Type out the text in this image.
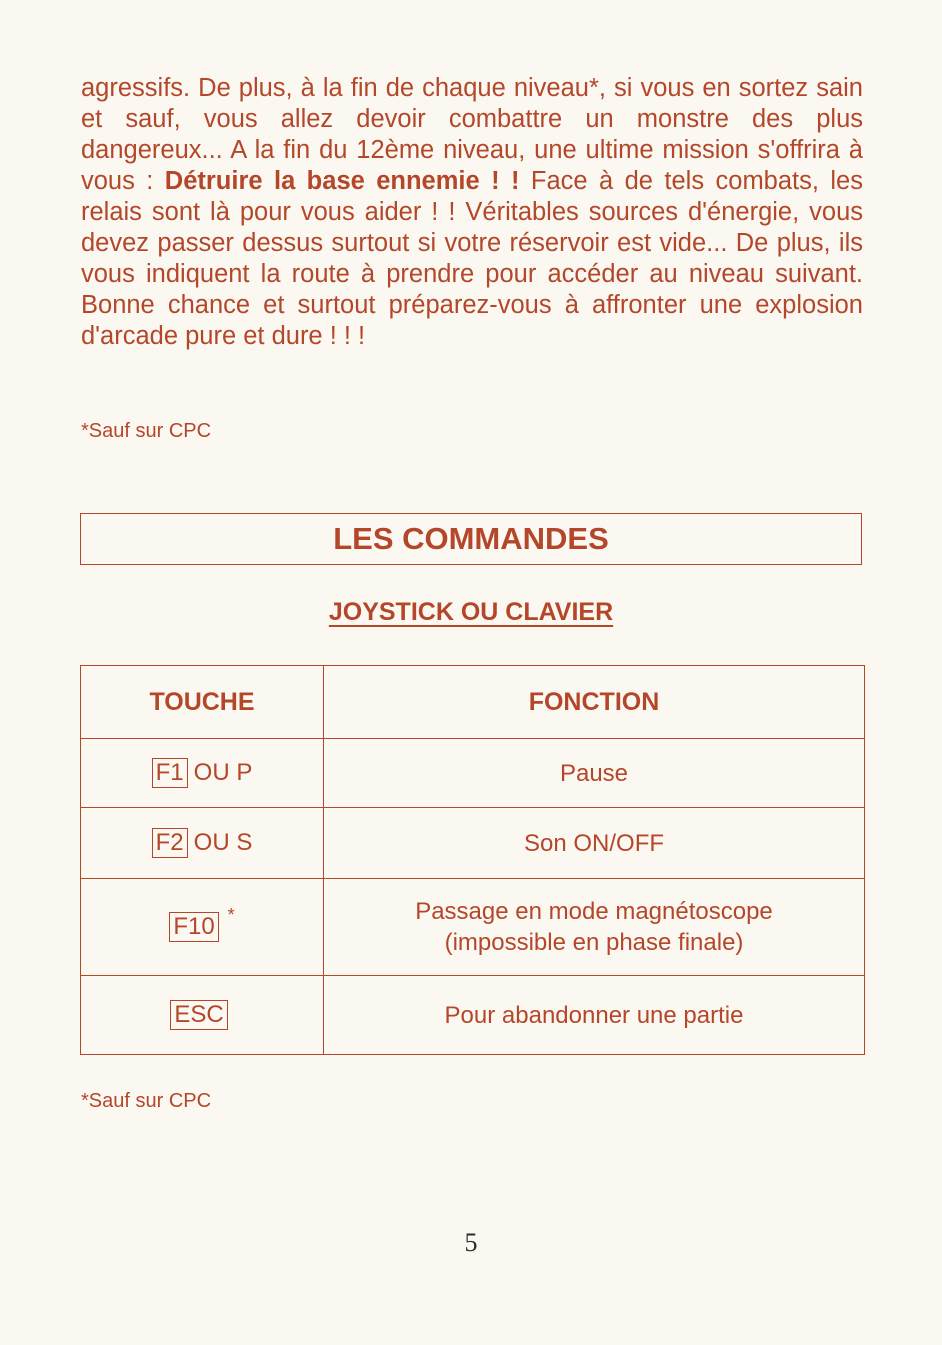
agressifs. De plus, à la fin de chaque niveau*, si vous en sortez sain et sauf, vous allez devoir combattre un monstre des plus dangereux... A la fin du 12ème niveau, une ultime mission s'offrira à vous : Détruire la base ennemie ! ! Face à de tels combats, les relais sont là pour vous aider ! ! Véritables sources d'énergie, vous devez passer dessus surtout si votre réservoir est vide... De plus, ils vous indiquent la route à prendre pour accéder au niveau suivant. Bonne chance et surtout préparez-vous à affronter une explosion d'arcade pure et dure ! ! !

*Sauf sur CPC
LES COMMANDES
JOYSTICK OU CLAVIER
TOUCHE	FONCTION

F1 OU P	Pause

F2 OU S	Son ON/OFF

F10 *	Passage en mode magnétoscope (impossible en phase finale)

ESC	Pour abandonner une partie
*Sauf sur CPC
5
